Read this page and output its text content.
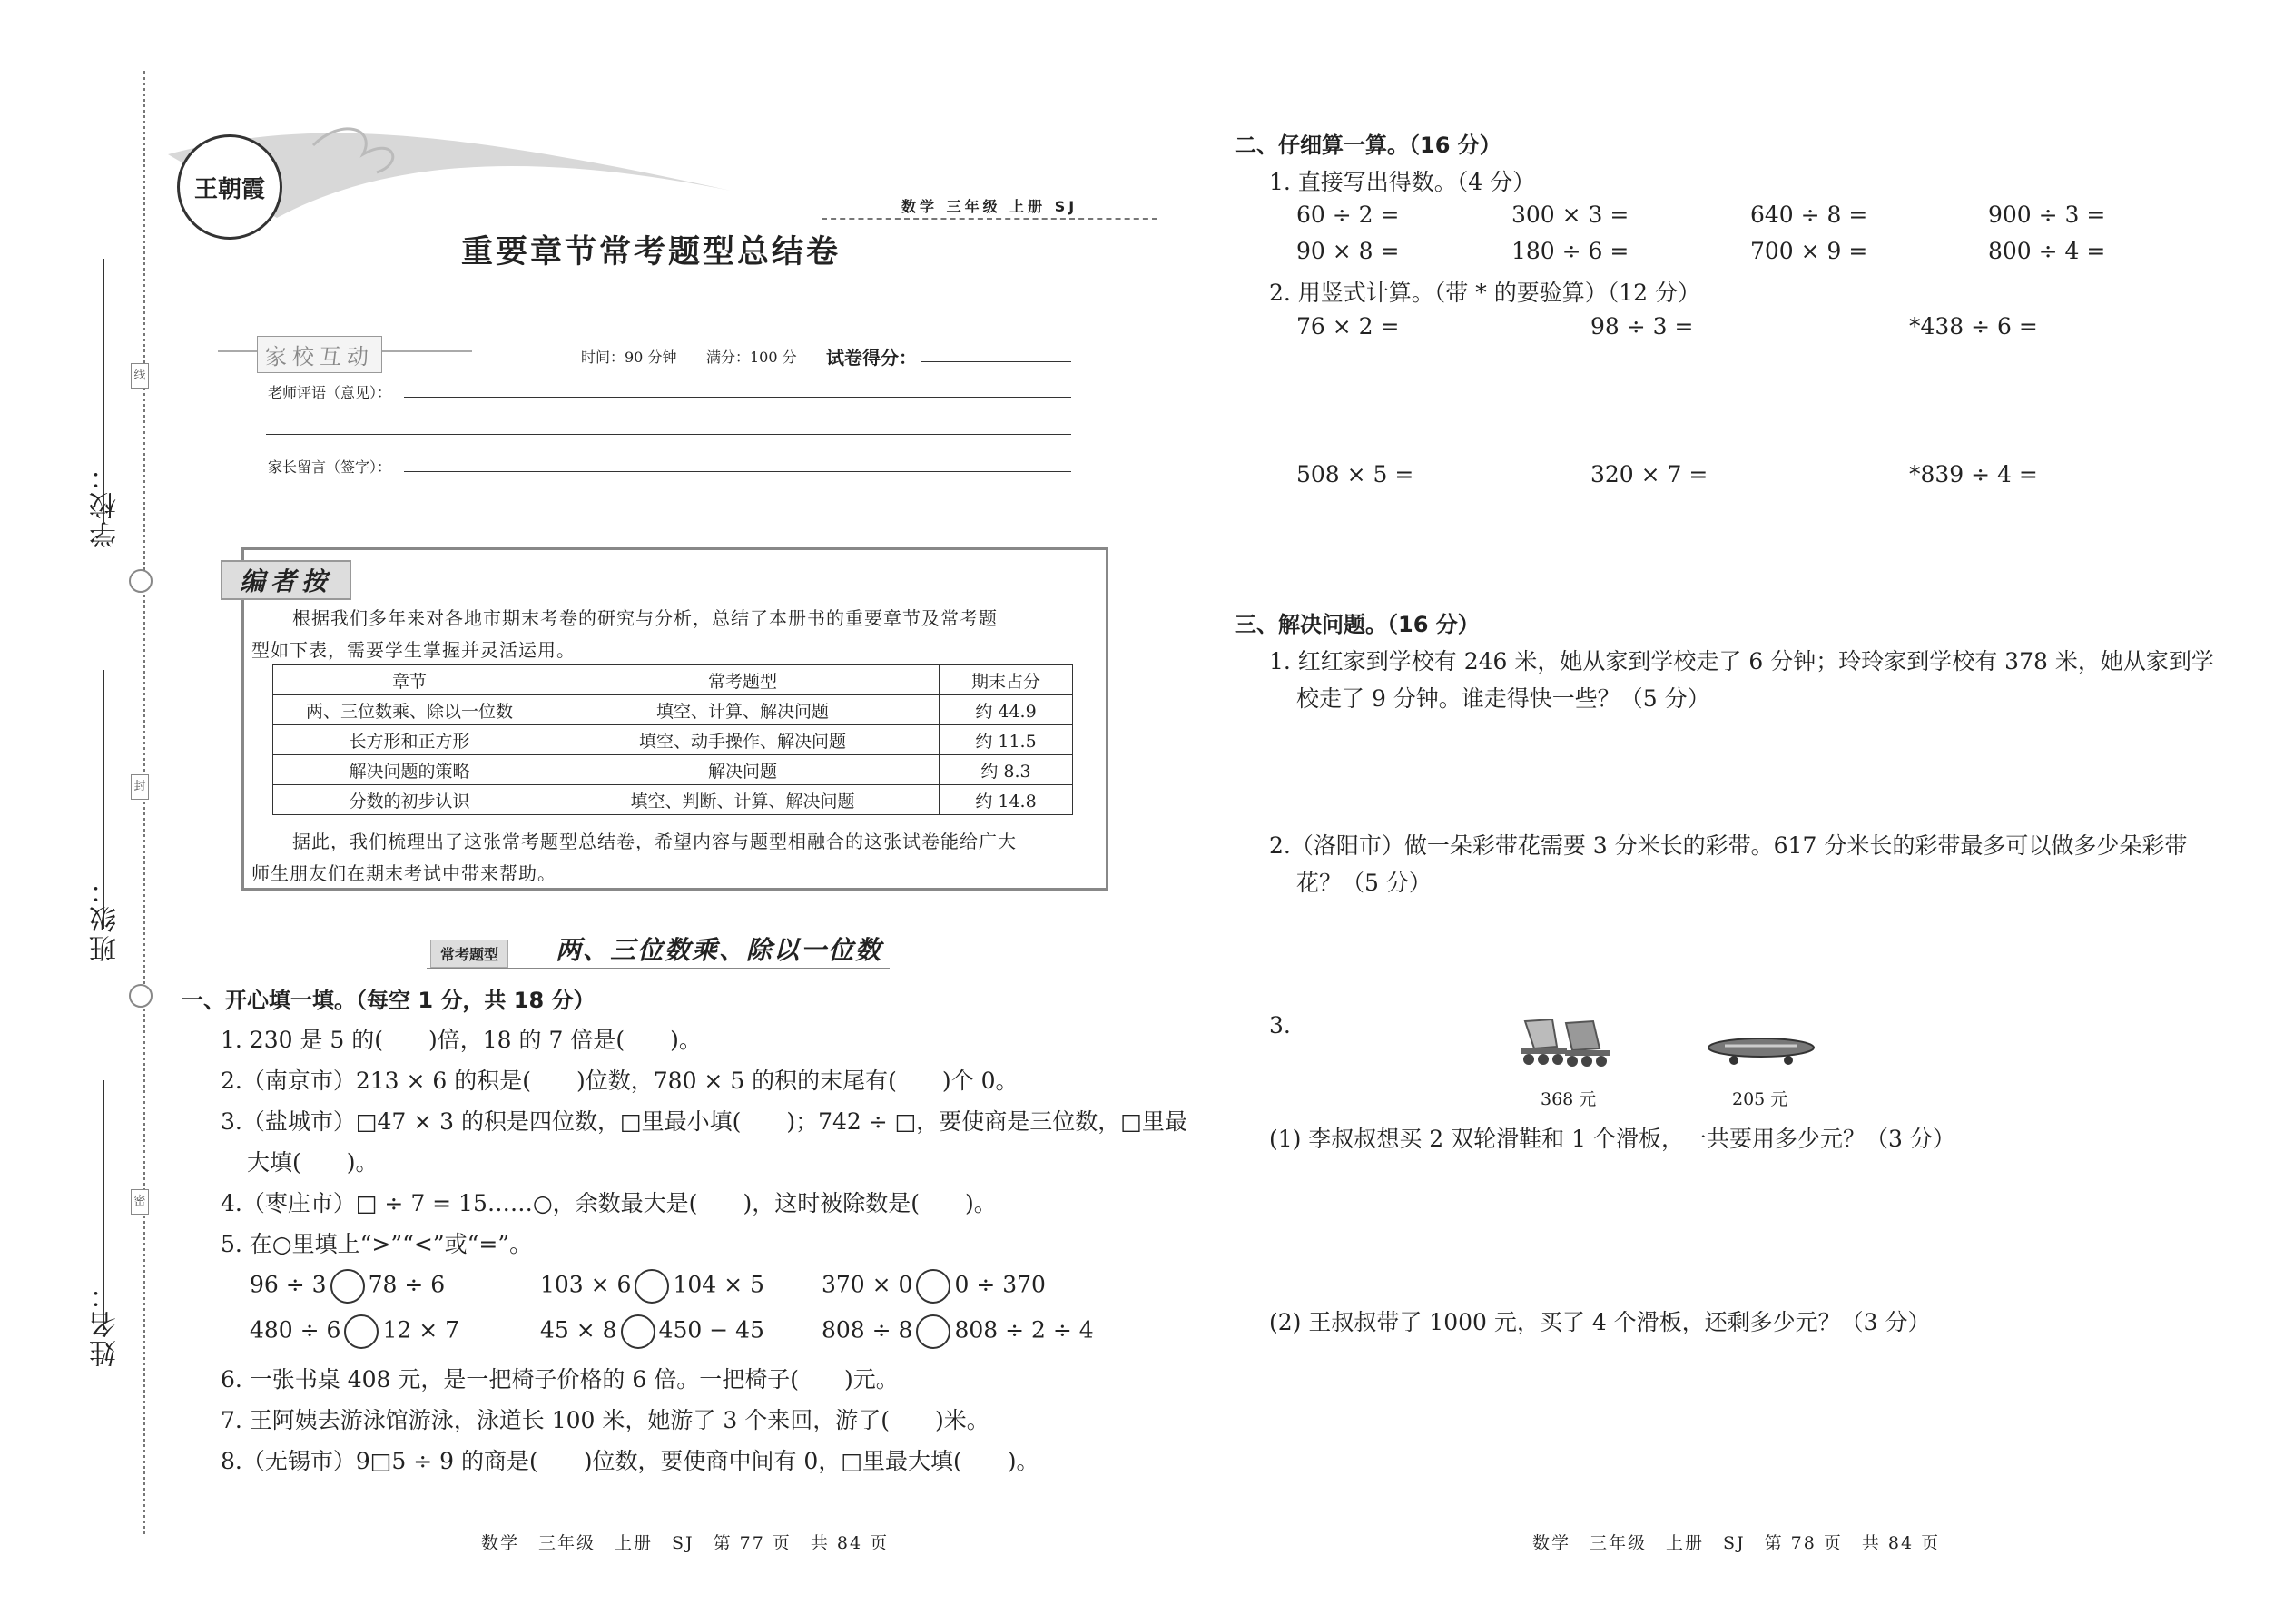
学校：
班级：
姓名：
线
封
密
王朝霞
数学 三年级 上册 SJ
重要章节常考题型总结卷
家校互动	时间：90 分钟 满分：100 分 试卷得分：
老师评语（意见）：
家长留言（签字）：
编者按
根据我们多年来对各地市期末考卷的研究与分析，总结了本册书的重要章节及常考题
型如下表，需要学生掌握并灵活运用。
章节	常考题型	期末占分
两、三位数乘、除以一位数	填空、计算、解决问题	约 44.9
长方形和正方形	填空、动手操作、解决问题	约 11.5
解决问题的策略	解决问题	约 8.3
分数的初步认识	填空、判断、计算、解决问题	约 14.8
据此，我们梳理出了这张常考题型总结卷，希望内容与题型相融合的这张试卷能给广大
师生朋友们在期末考试中带来帮助。
常考题型	两、三位数乘、除以一位数
一、开心填一填。（每空 1 分，共 18 分）
1. 230 是 5 的(　　)倍，18 的 7 倍是(　　)。
2.（南京市）213 × 6 的积是(　　)位数，780 × 5 的积的末尾有(　　)个 0。
3.（盐城市）□47 × 3 的积是四位数，□里最小填(　　)；742 ÷ □，要使商是三位数，□里最
大填(　　)。
4.（枣庄市）□ ÷ 7 = 15……○，余数最大是(　　)，这时被除数是(　　)。
5. 在○里填上“>”“<”或“=”。
96 ÷ 3 78 ÷ 6	103 × 6 104 × 5	370 × 0 0 ÷ 370
480 ÷ 6 12 × 7	45 × 8 450 − 45	808 ÷ 8 808 ÷ 2 ÷ 4
6. 一张书桌 408 元，是一把椅子价格的 6 倍。一把椅子(　　)元。
7. 王阿姨去游泳馆游泳，泳道长 100 米，她游了 3 个来回，游了(　　)米。
8.（无锡市）9□5 ÷ 9 的商是(　　)位数，要使商中间有 0，□里最大填(　　)。
二、仔细算一算。（16 分）
1. 直接写出得数。（4 分）
60 ÷ 2 =	300 × 3 =	640 ÷ 8 =	900 ÷ 3 =
90 × 8 =	180 ÷ 6 =	700 × 9 =	800 ÷ 4 =
2. 用竖式计算。（带 * 的要验算）（12 分）
76 × 2 =	98 ÷ 3 =	*438 ÷ 6 =
508 × 5 =	320 × 7 =	*839 ÷ 4 =
三、解决问题。（16 分）
1. 红红家到学校有 246 米，她从家到学校走了 6 分钟；玲玲家到学校有 378 米，她从家到学
校走了 9 分钟。谁走得快一些？（5 分）
2.（洛阳市）做一朵彩带花需要 3 分米长的彩带。617 分米长的彩带最多可以做多少朵彩带
花？（5 分）
3.
368 元	205 元
(1) 李叔叔想买 2 双轮滑鞋和 1 个滑板，一共要用多少元？（3 分）
(2) 王叔叔带了 1000 元，买了 4 个滑板，还剩多少元？（3 分）
数学　三年级　上册　SJ　第 77 页　共 84 页	数学　三年级　上册　SJ　第 78 页　共 84 页
